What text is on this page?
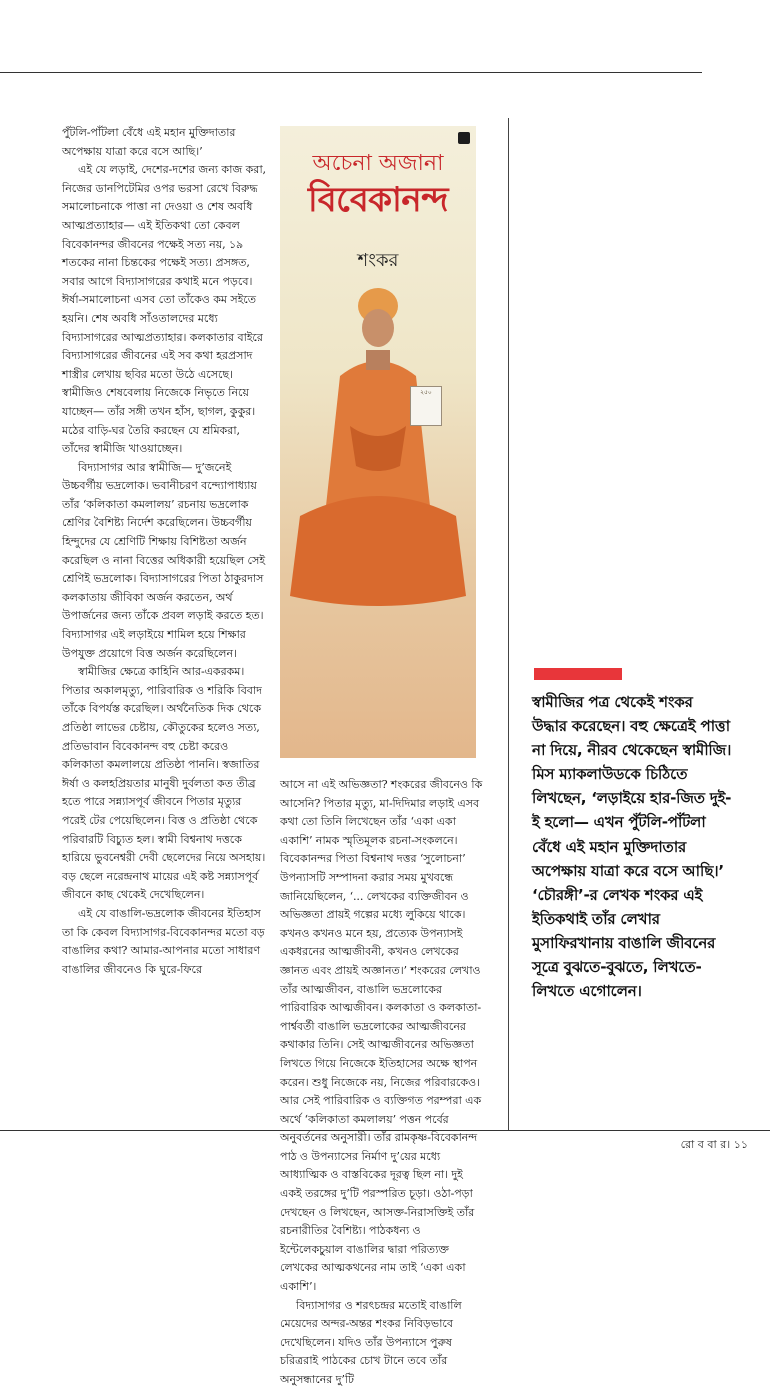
পুঁটলি-পাঁটলা বেঁধে এই মহান মুক্তিদাতার অপেক্ষায় যাত্রা করে বসে আছি।’

এই যে লড়াই, দেশের-দশের জন্য কাজ করা, নিজের ডানপিটেমির ওপর ভরসা রেখে বিরুদ্ধ সমালোচনাকে পাত্তা না দেওয়া ও শেষ অবধি আত্মপ্রত্যাহার— এই ইতিকথা তো কেবল বিবেকানন্দর জীবনের পক্ষেই সত্য নয়, ১৯ শতকের নানা চিন্তকের পক্ষেই সত্য। প্রসঙ্গত, সবার আগে বিদ্যাসাগরের কথাই মনে পড়বে। ঈর্ষা-সমালোচনা এসব তো তাঁকেও কম সইতে হয়নি। শেষ অবধি সাঁওতালদের মধ্যে বিদ্যাসাগরের আত্মপ্রত্যাহার। কলকাতার বাইরে বিদ্যাসাগরের জীবনের এই সব কথা হরপ্রসাদ শাস্ত্রীর লেখায় ছবির মতো উঠে এসেছে। স্বামীজিও শেষবেলায় নিজেকে নিভৃতে নিয়ে যাচ্ছেন— তাঁর সঙ্গী তখন হাঁস, ছাগল, কুকুর। মঠের বাড়ি-ঘর তৈরি করছেন যে শ্রমিকরা, তাঁদের স্বামীজি খাওয়াচ্ছেন।

বিদ্যাসাগর আর স্বামীজি— দু’জনেই উচ্চবর্গীয় ভদ্রলোক। ভবানীচরণ বন্দ্যোপাধ্যায় তাঁর ‘কলিকাতা কমলালয়’ রচনায় ভদ্রলোক শ্রেণির বৈশিষ্ট্য নির্দেশ করেছিলেন। উচ্চবর্গীয় হিন্দুদের যে শ্রেণিটি শিক্ষায় বিশিষ্টতা অর্জন করেছিল ও নানা বিত্তের অধিকারী হয়েছিল সেই শ্রেণিই ভদ্রলোক। বিদ্যাসাগরের পিতা ঠাকুরদাস কলকাতায় জীবিকা অর্জন করতেন, অর্থ উপার্জনের জন্য তাঁকে প্রবল লড়াই করতে হত। বিদ্যাসাগর এই লড়াইয়ে শামিল হয়ে শিক্ষার উপযুক্ত প্রয়োগে বিত্ত অর্জন করেছিলেন।

স্বামীজির ক্ষেত্রে কাহিনি আর-একরকম। পিতার অকালমৃত্যু, পারিবারিক ও শরিকি বিবাদ তাঁকে বিপর্যস্ত করেছিল। অর্থনৈতিক দিক থেকে প্রতিষ্ঠা লাভের চেষ্টায়, কৌতুকের হলেও সত্য, প্রতিভাবান বিবেকানন্দ বহু চেষ্টা করেও কলিকাতা কমলালয়ে প্রতিষ্ঠা পাননি। স্বজাতির ঈর্ষা ও কলহপ্রিয়তার মানুষী দুর্বলতা কত তীব্র হতে পারে সন্ন্যাসপূর্ব জীবনে পিতার মৃত্যুর পরেই টের পেয়েছিলেন। বিত্ত ও প্রতিষ্ঠা থেকে পরিবারটি বিচ্যুত হল। স্বামী বিশ্বনাথ দত্তকে হারিয়ে ভুবনেশ্বরী দেবী ছেলেদের নিয়ে অসহায়। বড় ছেলে নরেন্দ্রনাথ মায়ের এই কষ্ট সন্ন্যাসপূর্ব জীবনে কাছ থেকেই দেখেছিলেন।

এই যে বাঙালি-ভদ্রলোক জীবনের ইতিহাস তা কি কেবল বিদ্যাসাগর-বিবেকানন্দর মতো বড় বাঙালির কথা? আমার-আপনার মতো সাধারণ বাঙালির জীবনেও কি ঘুরে-ফিরে

অচেনা অজানা
বিবেকানন্দ
শংকর
২৫০

আসে না এই অভিজ্ঞতা? শংকরের জীবনেও কি আসেনি? পিতার মৃত্যু, মা-দিদিমার লড়াই এসব কথা তো তিনি লিখেছেন তাঁর ‘একা একা একাশি’ নামক স্মৃতিমূলক রচনা-সংকলনে। বিবেকানন্দর পিতা বিশ্বনাথ দত্তর ‘সুলোচনা’ উপন্যাসটি সম্পাদনা করার সময় মুখবন্ধে জানিয়েছিলেন, ‘... লেখকের ব্যক্তিজীবন ও অভিজ্ঞতা প্রায়ই গল্পের মধ্যে লুকিয়ে থাকে। কখনও কখনও মনে হয়, প্রত্যেক উপন্যাসই একধরনের আত্মজীবনী, কখনও লেখকের জ্ঞানত এবং প্রায়ই অজ্ঞানত।’ শংকরের লেখাও তাঁর আত্মজীবন, বাঙালি ভদ্রলোকের পারিবারিক আত্মজীবন। কলকাতা ও কলকাতা-পার্শ্ববর্তী বাঙালি ভদ্রলোকের আত্মজীবনের কথাকার তিনি। সেই আত্মজীবনের অভিজ্ঞতা লিখতে গিয়ে নিজেকে ইতিহাসের অক্ষে স্থাপন করেন। শুধু নিজেকে নয়, নিজের পরিবারকেও। আর সেই পারিবারিক ও ব্যক্তিগত পরম্পরা এক অর্থে ‘কলিকাতা কমলালয়’ পত্তন পর্বের অনুবর্তনের অনুসারী। তাঁর রামকৃষ্ণ-বিবেকানন্দ পাঠ ও উপন্যাসের নির্মাণ দু’য়ের মধ্যে আধ্যাত্মিক ও বাস্তবিকের দূরত্ব ছিল না। দুই একই তরঙ্গের দু’টি পরস্পরিত চূড়া। ওঠা-পড়া দেখছেন ও লিখছেন, আসক্ত-নিরাসক্তিই তাঁর রচনারীতির বৈশিষ্ট্য। পাঠকধন্য ও ইন্টেলেকচুয়াল বাঙালির দ্বারা পরিত্যক্ত লেখকের আত্মকথনের নাম তাই ‘একা একা একাশি’।

বিদ্যাসাগর ও শরৎচন্দ্রর মতোই বাঙালি মেয়েদের অন্দর-অন্তর শংকর নিবিড়ভাবে দেখেছিলেন। যদিও তাঁর উপন্যাসে পুরুষ চরিত্ররাই পাঠকের চোখ টানে তবে তাঁর অনুসন্ধানের দু’টি

স্বামীজির পত্র থেকেই শংকর উদ্ধার করেছেন। বহু ক্ষেত্রেই পাত্তা না দিয়ে, নীরব থেকেছেন স্বামীজি। মিস ম্যাকলাউডকে চিঠিতে লিখছেন, ‘লড়াইয়ে হার-জিত দুই-ই হলো— এখন পুঁটলি-পাঁটলা বেঁধে এই মহান মুক্তিদাতার অপেক্ষায় যাত্রা করে বসে আছি।’ ‘চৌরঙ্গী’-র লেখক শংকর এই ইতিকথাই তাঁর লেখার মুসাফিরখানায় বাঙালি জীবনের সূত্রে বুঝতে-বুঝতে, লিখতে-লিখতে এগোলেন।

রো ব বা র। ১১
